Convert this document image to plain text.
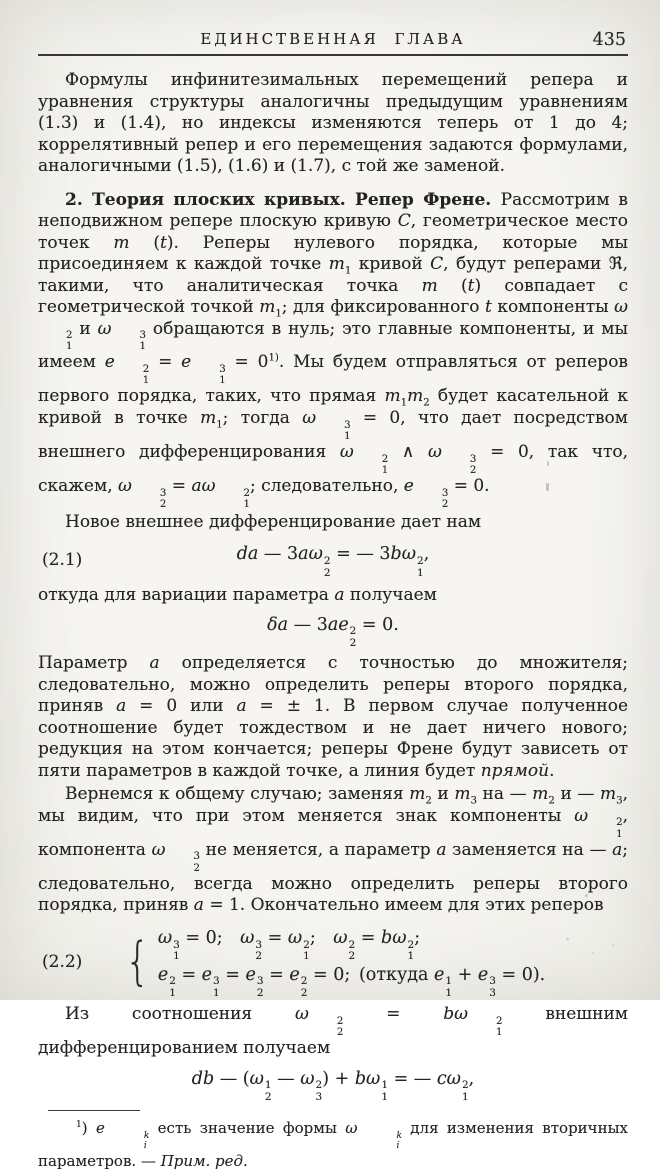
ЕДИНСТВЕННАЯ ГЛАВА	435

Формулы инфинитезимальных перемещений репера и уравнения структуры аналогичны предыдущим уравнениям (1.3) и (1.4), но индексы изменяются теперь от 1 до 4; коррелятивный репер и его перемещения задаются формулами, аналогичными (1.5), (1.6) и (1.7), с той же заменой.

2. Теория плоских кривых. Репер Френе. Рассмотрим в неподвижном репере плоскую кривую C, геометрическое место точек m (t). Реперы нулевого порядка, которые мы присоединяем к каждой точке $m_1$ кривой C, будут реперами ℜ, такими, что аналитическая точка m (t) совпадает с геометрической точкой $m_1$; для фиксированного t компоненты ω
2
1
и ω	3
1
обращаются в нуль; это главные компоненты, и мы имеем e	2
1
= e	3
1
= $0^{1)}$. Мы будем отправляться от реперов первого порядка, таких, что прямая $m_1m_2$ будет касательной к кривой в точке $m_1$; тогда ω	3
1
= 0, что дает посредством внешнего дифференцирования ω	2
1
∧ ω	3
2
= 0, так что, скажем, ω	3
2
= aω	2
1
; следовательно, e	3
2
= 0.

Новое внешнее дифференцирование дает нам

(2.1)	da — 3aω 2
2
= — 3bω 2
1
,

откуда для вариации параметра a получаем

δa — 3ae 2
2
= 0.

Параметр a определяется с точностью до множителя; следовательно, можно определить реперы второго порядка, приняв a = 0 или a = ± 1. В первом случае полученное соотношение будет тождеством и не дает ничего нового; редукция на этом кончается; реперы Френе будут зависеть от пяти параметров в каждой точке, а линия будет прямой.

Вернемся к общему случаю; заменяя $m_2$ и $m_3$ на — $m_2$ и — $m_3$, мы видим, что при этом меняется знак компоненты ω	2
1
, компонента ω	3
2
не меняется, а параметр a заменяется на — a; следовательно, всегда можно определить реперы второго порядка, приняв a = 1. Окончательно имеем для этих реперов

(2.2) { ω 3
1
= 0; ω 3
2
= ω 2
1
; ω 2
2
= bω 2
1
;
e 2
1
= e 3
1
= e 3
2
= e 2
2
= 0; (откуда e 1
1
+ e 3
3
= 0).

Из соотношения ω	2
2
= bω	2
1
внешним дифференцированием получаем

db — (ω 1
2
— ω 2
3
) + bω 1
1
= — cω 2
1
,

$^1$) e	k
i
есть значение формы ω	k
i
для изменения вторичных параметров. — Прим. ред.
